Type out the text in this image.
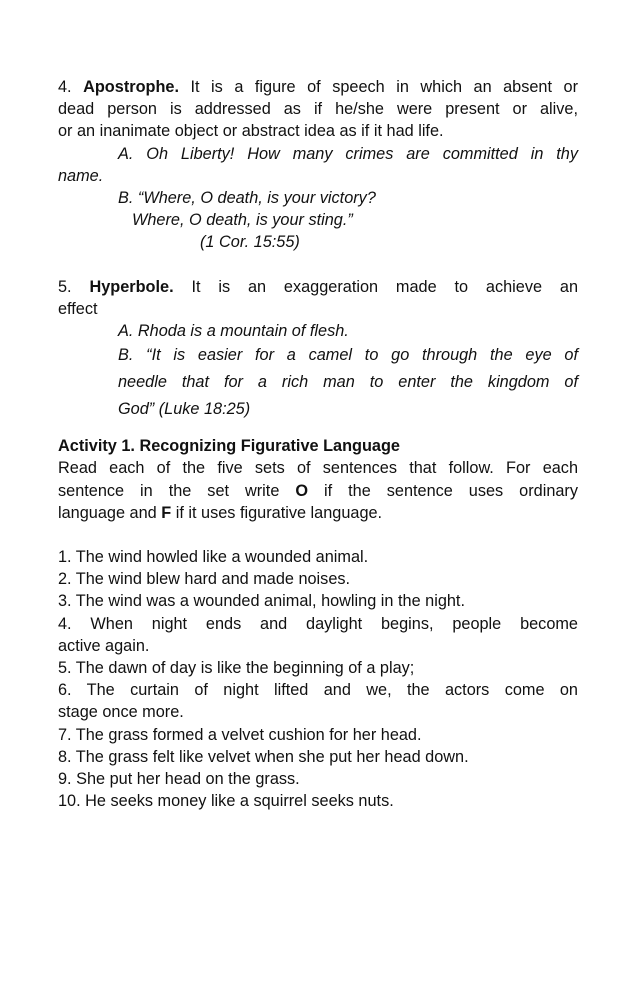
4. Apostrophe. It is a figure of speech in which an absent or
dead person is addressed as if he/she were present or alive,
or an inanimate object or abstract idea as if it had life.
A. Oh Liberty! How many crimes are committed in thy
name.
B. “Where, O death, is your victory?
Where, O death, is your sting.”
(1 Cor. 15:55)
5. Hyperbole. It is an exaggeration made to achieve an
effect
A. Rhoda is a mountain of flesh.
B. “It is easier for a camel to go through the eye of
needle that for a rich man to enter the kingdom of
God” (Luke 18:25)
Activity 1. Recognizing Figurative Language
Read each of the five sets of sentences that follow. For each
sentence in the set write O if the sentence uses ordinary
language and F if it uses figurative language.
1. The wind howled like a wounded animal.
2. The wind blew hard and made noises.
3. The wind was a wounded animal, howling in the night.
4. When night ends and daylight begins, people become
active again.
5. The dawn of day is like the beginning of a play;
6. The curtain of night lifted and we, the actors come on
stage once more.
7. The grass formed a velvet cushion for her head.
8. The grass felt like velvet when she put her head down.
9. She put her head on the grass.
10. He seeks money like a squirrel seeks nuts.
